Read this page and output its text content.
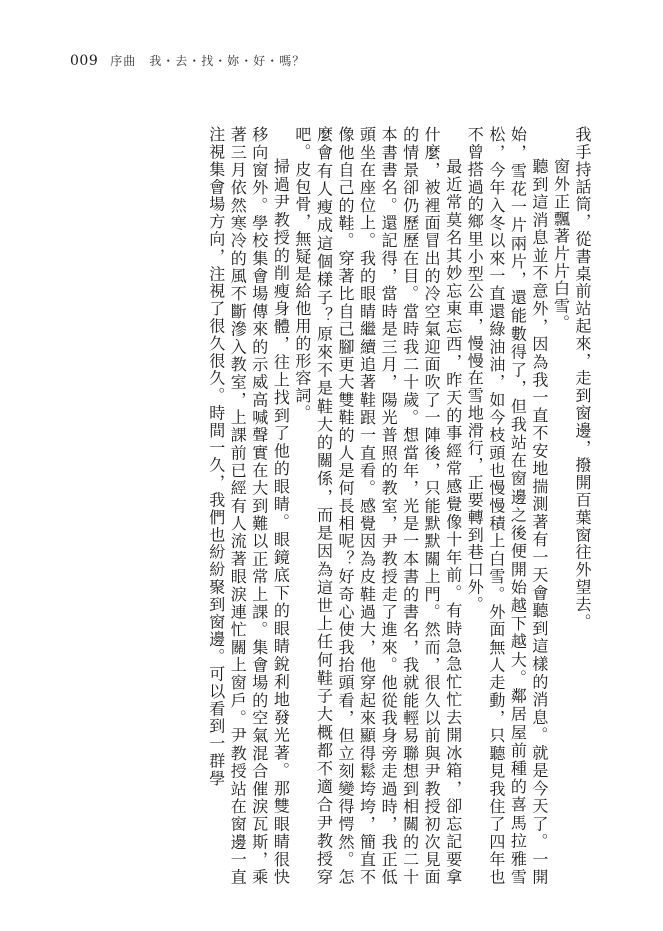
009 序曲　我・去・找・妳・好・嗎？

我手持話筒，從書桌前站起來，走到窗邊，撥開百葉窗往外望去。

窗外正飄著片片白雪。

聽到這消息並不意外，因為我一直不安地揣測著有一天會聽到這樣的消息。就是今天了。一開始，雪花一片兩片，還能數得了，但我站在窗邊之後便開始越下越大。鄰居屋前種的喜馬拉雅雪松，今年入冬以來一直還綠油油，如今枝頭也慢慢積上白雪。外面無人走動，只聽見我住了四年也不曾搭過的鄉里小型公車，慢慢在雪地滑行，正要轉到巷口外。

最近常莫名其妙忘東忘西，昨天的事經常感覺像十年前。有時急急忙忙去開冰箱，卻忘記要拿什麼，被裡面冒出的冷空氣迎面吹了一陣後，只能默默關上門。然而，很久以前與尹教授初次見面的情景卻仍歷歷在目。當時我二十歲。想當年，光是一本書的書名，我就能輕易聯想到相關的二十本書書名。還記得，當時是三月，陽光普照的教室，尹教授走了進來。他從我身旁走過時，我正低頭坐在座位上。我的眼睛繼續追著鞋跟一直看。感覺因為皮鞋過大，他穿起來顯得鬆垮垮，簡直不像他自己的鞋。穿著比自己腳更大雙鞋的人是何長相呢？好奇心使我抬頭看，但立刻變得愕然。怎麼會有人瘦成這個樣子？原來不是鞋大的關係，而是因為這世上任何鞋子大概都不適合尹教授穿吧。皮包骨，無疑是給他用的形容詞。

掃過尹教授的削瘦身體，往上找到了他的眼睛。眼鏡底下的眼睛銳利地發光著。那雙眼睛很快移向窗外。學校集會場傳來的示威高喊聲實在大到難以正常上課。集會場的空氣混合催淚瓦斯，乘著三月依然寒冷的風不斷滲入教室，上課前已經有人流著眼淚連忙關上窗戶。尹教授站在窗邊一直注視集會場方向，注視了很久很久。時間一久，我們也紛紛聚到窗邊。可以看到一群學
